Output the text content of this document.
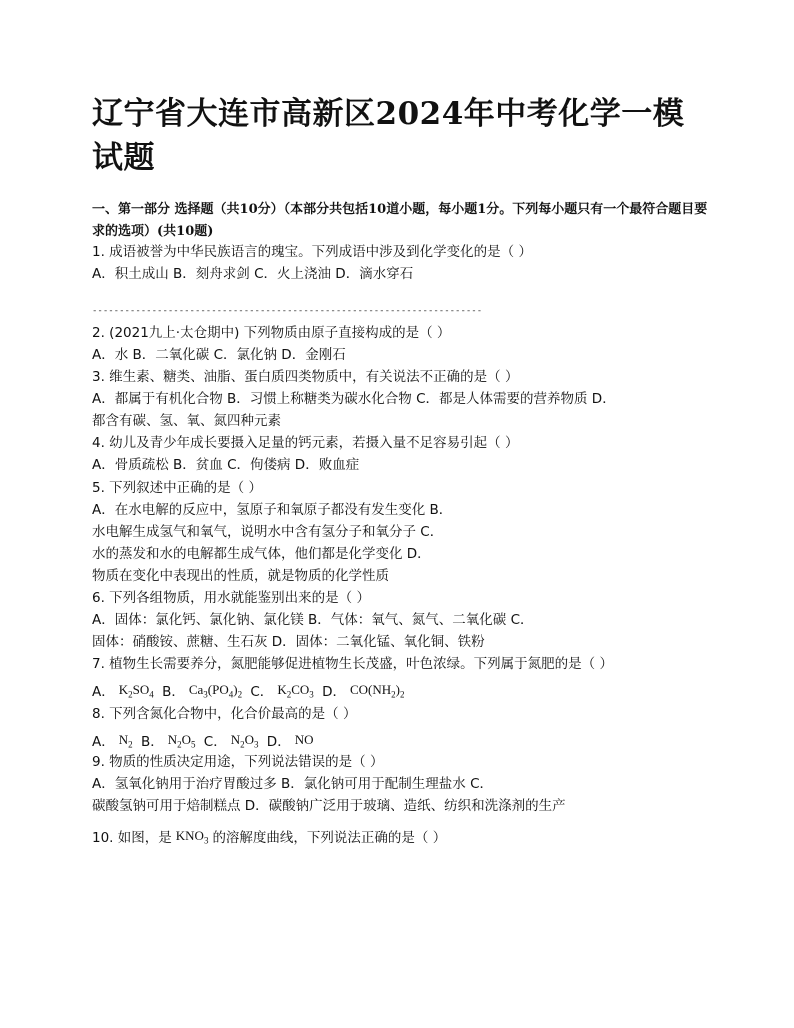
辽宁省大连市高新区2024年中考化学一模试题
一、第一部分 选择题（共10分）（本部分共包括10道小题，每小题1分。下列每小题只有一个最符合题目要求的选项）(共10题)
1. 成语被誉为中华民族语言的瑰宝。下列成语中涉及到化学变化的是（ ）
A．积土成山 B．刻舟求剑 C．火上浇油 D．滴水穿石
------------------------------------------------------------------------
2. (2021九上·太仓期中) 下列物质由原子直接构成的是（ ）
A．水 B．二氧化碳 C．氯化钠 D．金刚石
3. 维生素、糖类、油脂、蛋白质四类物质中，有关说法不正确的是（ ）
A．都属于有机化合物 B．习惯上称糖类为碳水化合物 C．都是人体需要的营养物质 D．
都含有碳、氢、氧、氮四种元素
4. 幼儿及青少年成长要摄入足量的钙元素，若摄入量不足容易引起（ ）
A．骨质疏松 B．贫血 C．佝偻病 D．败血症
5. 下列叙述中正确的是（ ）
A．在水电解的反应中，氢原子和氧原子都没有发生变化 B．
水电解生成氢气和氧气，说明水中含有氢分子和氧分子 C．
水的蒸发和水的电解都生成气体，他们都是化学变化 D．
物质在变化中表现出的性质，就是物质的化学性质
6. 下列各组物质，用水就能鉴别出来的是（ ）
A．固体：氯化钙、氯化钠、氯化镁 B．气体：氧气、氮气、二氧化碳 C．
固体：硝酸铵、蔗糖、生石灰 D．固体：二氧化锰、氧化铜、铁粉
7. 植物生长需要养分，氮肥能够促进植物生长茂盛，叶色浓绿。下列属于氮肥的是（ ）
A． $K_2SO_4$ B． $Ca_3(PO_4)_2$ C． $K_2CO_3$ D． $CO(NH_2)_2$
8. 下列含氮化合物中，化合价最高的是（ ）
A． $N_2$ B． $N_2O_5$ C． $N_2O_3$ D． NO
9. 物质的性质决定用途，下列说法错误的是（ ）
A．氢氧化钠用于治疗胃酸过多 B．氯化钠可用于配制生理盐水 C．
碳酸氢钠可用于焙制糕点 D．碳酸钠广泛用于玻璃、造纸、纺织和洗涤剂的生产
10. 如图，是 $KNO_3$ 的溶解度曲线，下列说法正确的是（ ）
